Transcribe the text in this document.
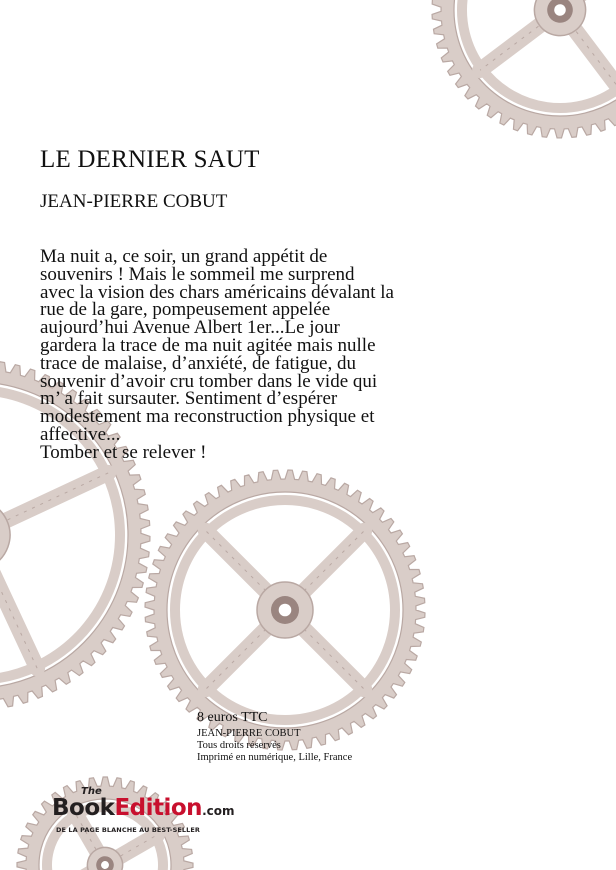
LE DERNIER SAUT
JEAN-PIERRE COBUT
Ma nuit a, ce soir, un grand appétit de
souvenirs ! Mais le sommeil me surprend
avec la vision des chars américains dévalant la
rue de la gare, pompeusement appelée
aujourd’hui Avenue Albert 1er...Le jour
gardera la trace de ma nuit agitée mais nulle
trace de malaise, d’anxiété, de fatigue, du
souvenir d’avoir cru tomber dans le vide qui
m’ a fait sursauter. Sentiment d’espérer
modestement ma reconstruction physique et
affective...
Tomber et se relever !
8 euros TTC
JEAN-PIERRE COBUT
Tous droits réservés
Imprimé en numérique, Lille, France
The
BookEdition.com
DE LA PAGE BLANCHE AU BEST-SELLER
